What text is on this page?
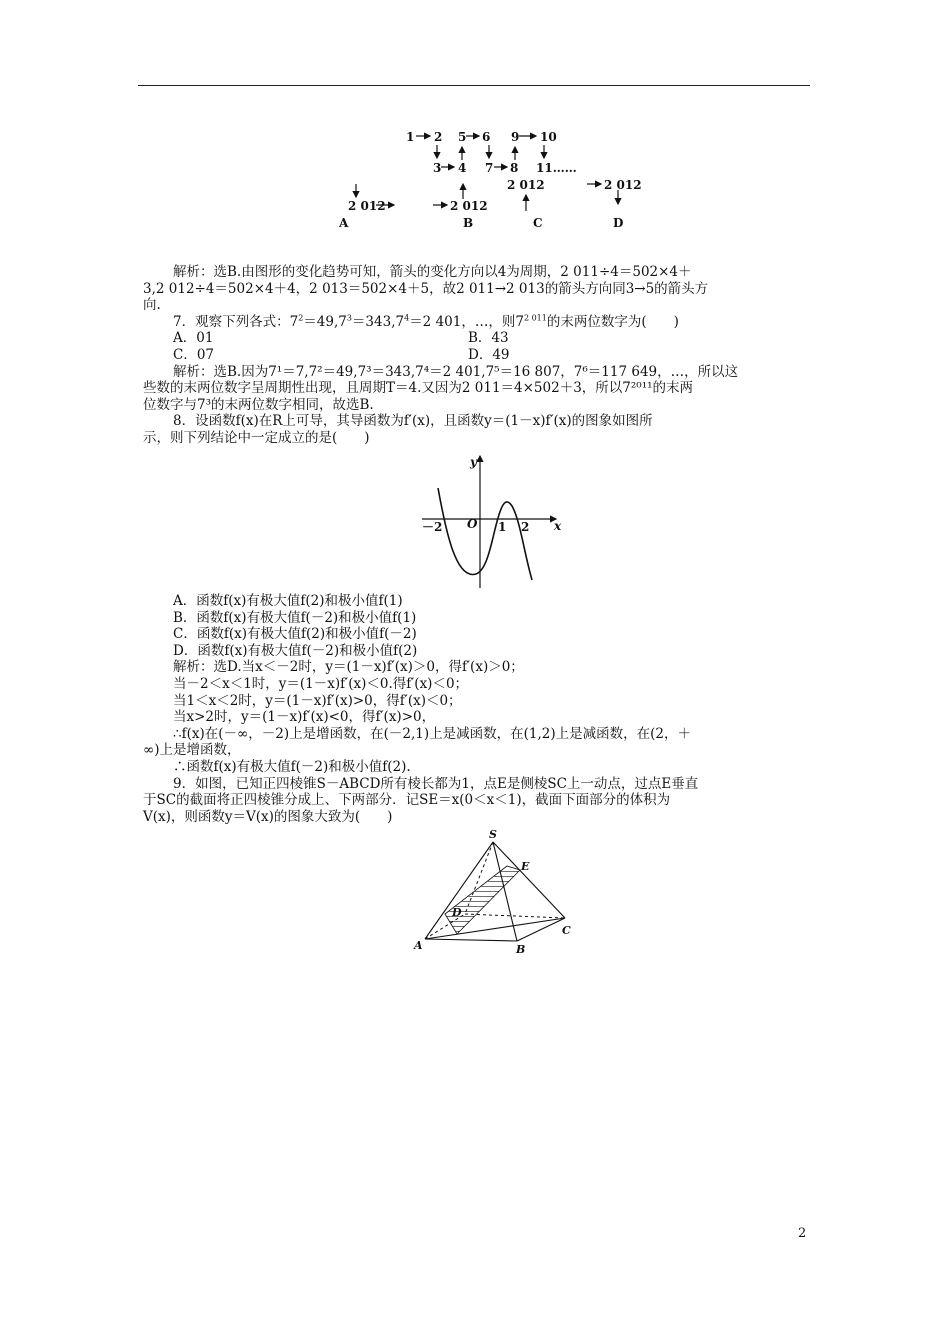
1 2 5 6 9 10
3 4 7 8 11……
2 012	2 012
2 012	2 012
A	B	C	D

解析：选B.由图形的变化趋势可知，箭头的变化方向以4为周期，2 011÷4＝502×4＋

3,2 012÷4＝502×4＋4，2 013＝502×4＋5，故2 011→2 013的箭头方向同3→5的箭头方

向.

7．观察下列各式：$7^2=49,7^3=343,7^4=2$ 401，…，则$7^{2 011}$的末两位数字为(　　)

A．01	B．43
C．07	D．49

解析：选B.因为7¹＝7,7²＝49,7³＝343,7⁴＝2 401,7⁵＝16 807，7⁶＝117 649，…，所以这

些数的末两位数字呈周期性出现，且周期T＝4.又因为2 011＝4×502＋3，所以7²⁰¹¹的末两

位数字与7³的末两位数字相同，故选B.

8．设函数f(x)在R上可导，其导函数为f′(x)，且函数y＝(1－x)f′(x)的图象如图所

示，则下列结论中一定成立的是(　　)

y
x
O
－2	1 2

A．函数f(x)有极大值f(2)和极小值f(1)

B．函数f(x)有极大值f(－2)和极小值f(1)

C．函数f(x)有极大值f(2)和极小值f(－2)

D．函数f(x)有极大值f(－2)和极小值f(2)

解析：选D.当x＜－2时，y＝(1－x)f′(x)＞0，得f′(x)＞0；

当－2＜x＜1时，y＝(1－x)f′(x)＜0.得f′(x)＜0；

当1＜x＜2时，y＝(1－x)f′(x)>0，得f′(x)＜0；

当x>2时，y＝(1－x)f′(x)<0，得f′(x)>0，

∴f(x)在(－∞，－2)上是增函数，在(－2,1)上是减函数，在(1,2)上是减函数，在(2，＋

∞)上是增函数，

∴函数f(x)有极大值f(－2)和极小值f(2).

9．如图，已知正四棱锥S－ABCD所有棱长都为1，点E是侧棱SC上一动点，过点E垂直

于SC的截面将正四棱锥分成上、下两部分．记SE＝x(0＜x＜1)，截面下面部分的体积为

V(x)，则函数y＝V(x)的图象大致为(　　)

S
E
D
C
A	B
2
